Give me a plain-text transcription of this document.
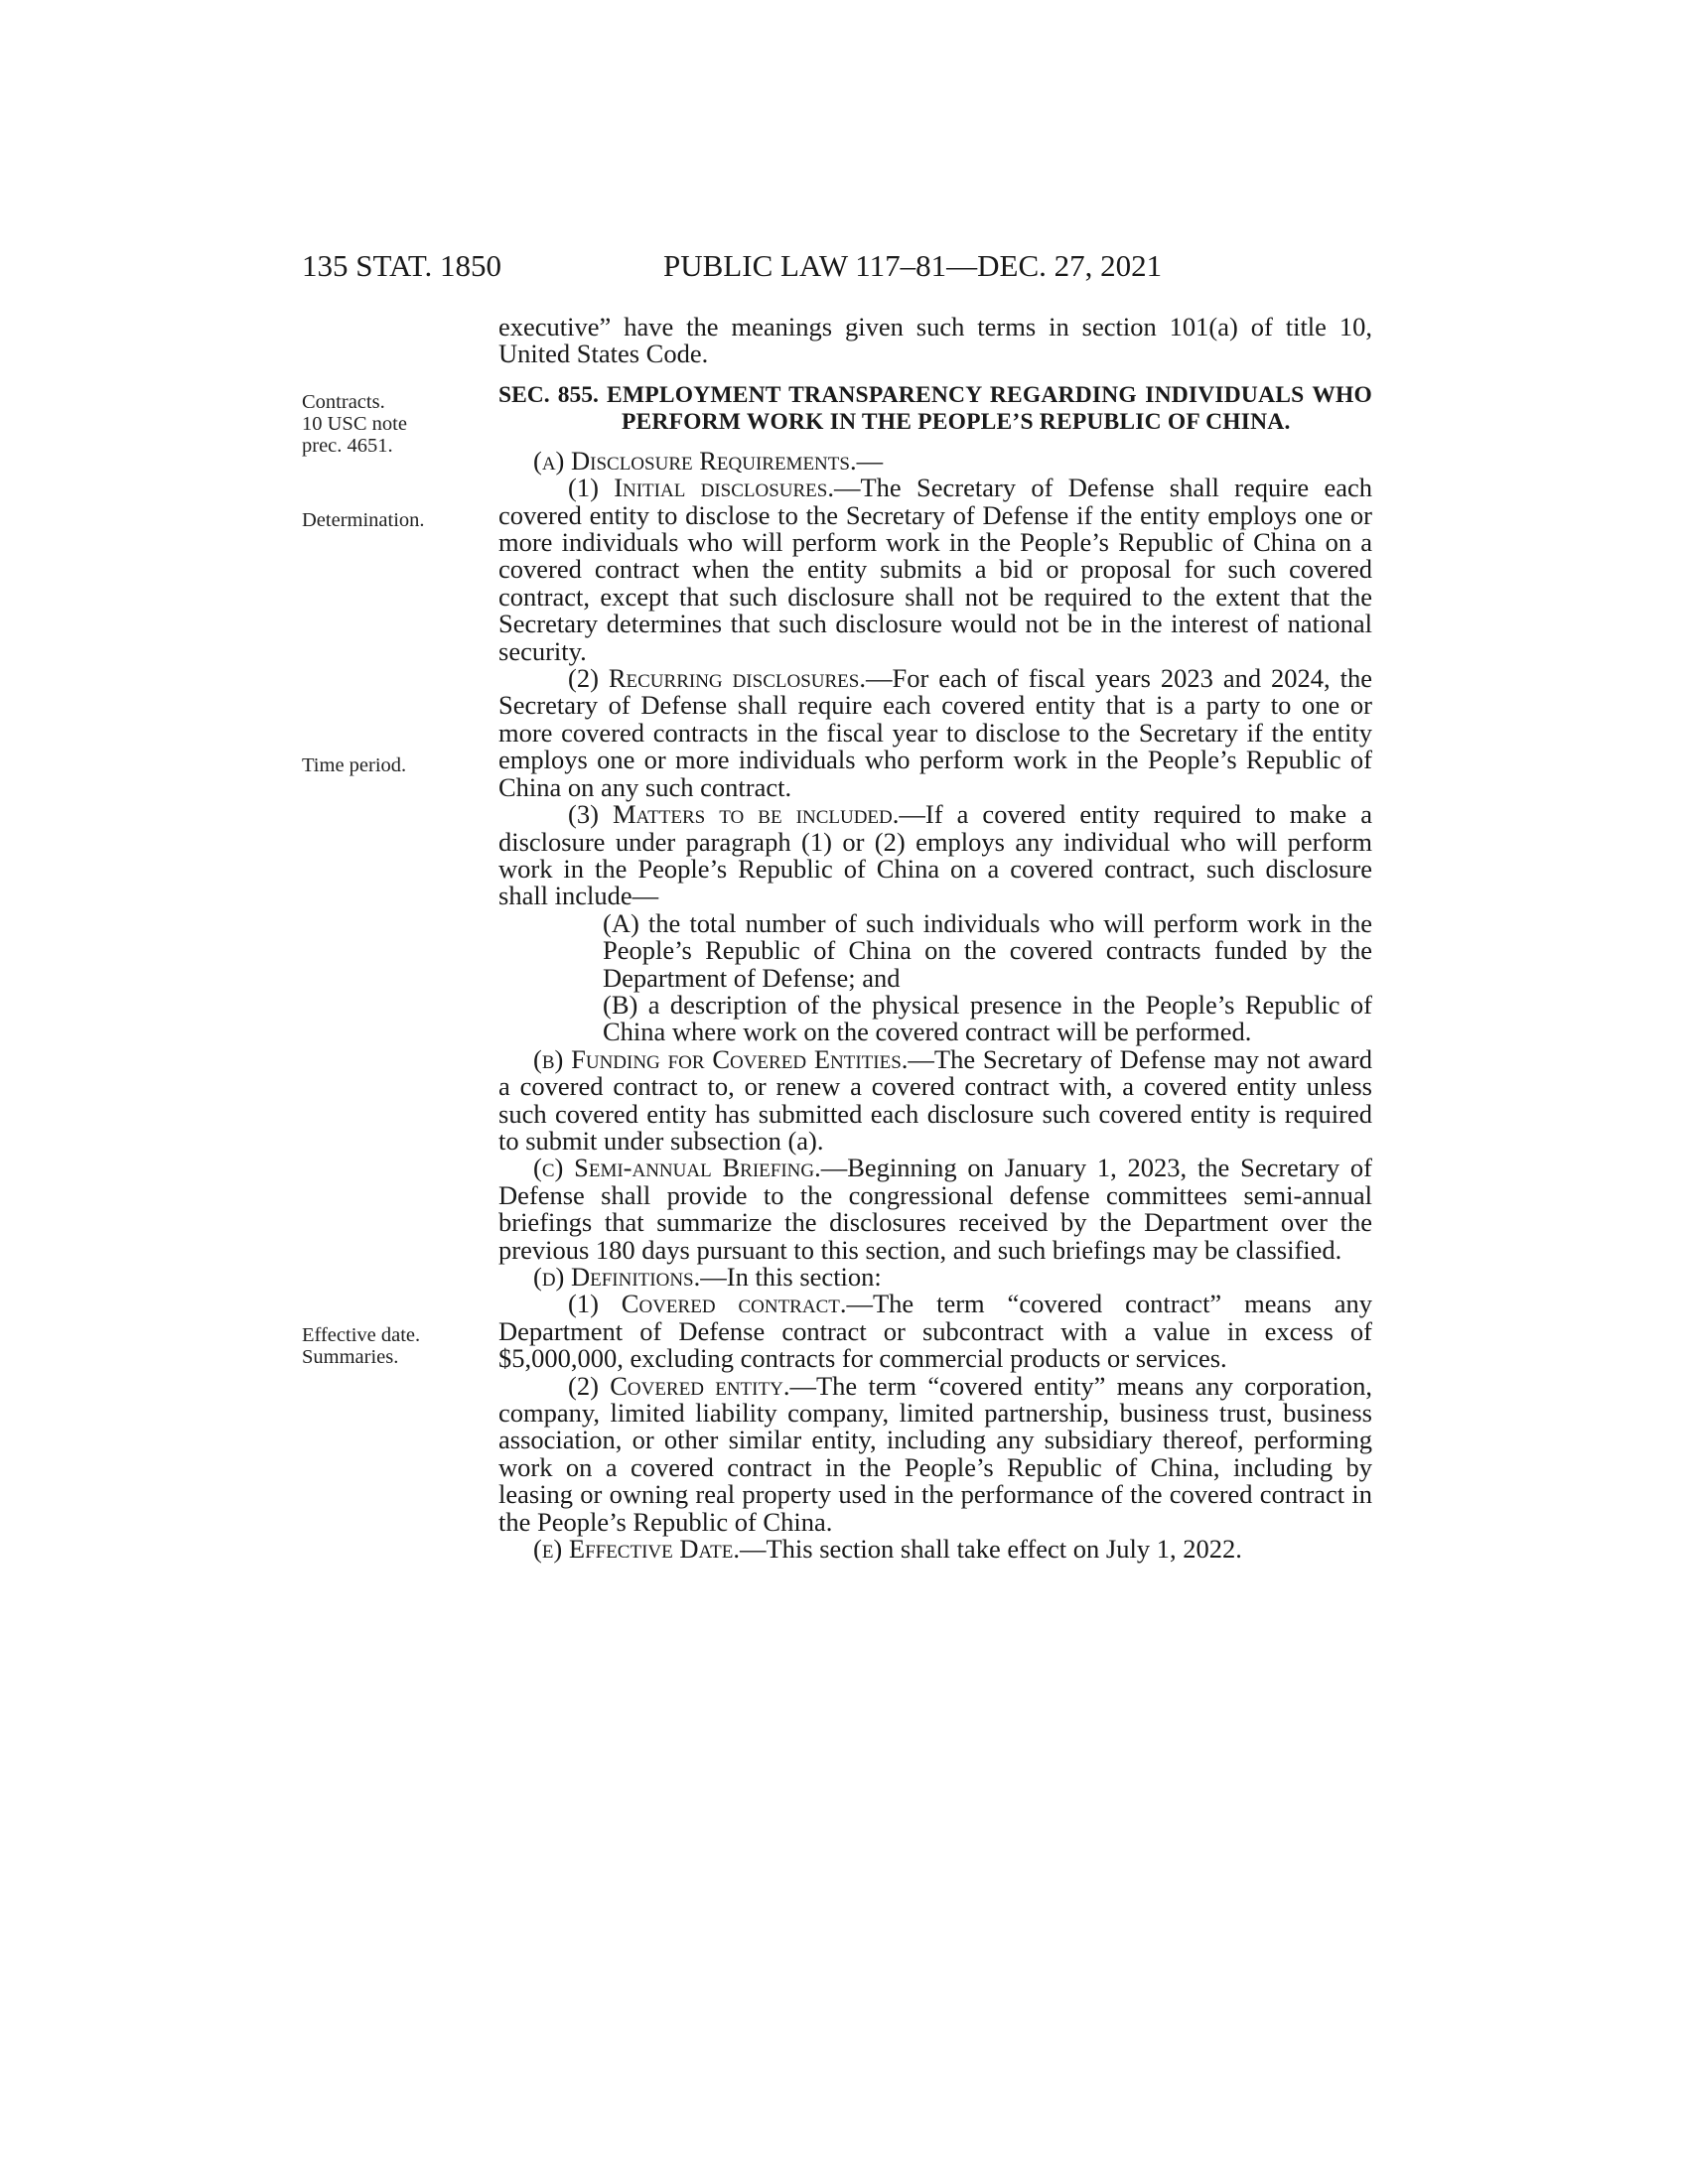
135 STAT. 1850	PUBLIC LAW 117–81—DEC. 27, 2021
Contracts.
10 USC note
prec. 4651.
Determination.
Time period.
Effective date.
Summaries.

executive” have the meanings given such terms in section 101(a) of title 10, United States Code.

SEC. 855. EMPLOYMENT TRANSPARENCY REGARDING INDIVIDUALS WHO PERFORM WORK IN THE PEOPLE’S REPUBLIC OF CHINA.

(a) Disclosure Requirements.—

(1) Initial disclosures.—The Secretary of Defense shall require each covered entity to disclose to the Secretary of Defense if the entity employs one or more individuals who will perform work in the People’s Republic of China on a covered contract when the entity submits a bid or proposal for such covered contract, except that such disclosure shall not be required to the extent that the Secretary determines that such disclosure would not be in the interest of national security.

(2) Recurring disclosures.—For each of fiscal years 2023 and 2024, the Secretary of Defense shall require each covered entity that is a party to one or more covered contracts in the fiscal year to disclose to the Secretary if the entity employs one or more individuals who perform work in the People’s Republic of China on any such contract.

(3) Matters to be included.—If a covered entity required to make a disclosure under paragraph (1) or (2) employs any individual who will perform work in the People’s Republic of China on a covered contract, such disclosure shall include—

(A) the total number of such individuals who will perform work in the People’s Republic of China on the covered contracts funded by the Department of Defense; and

(B) a description of the physical presence in the People’s Republic of China where work on the covered contract will be performed.

(b) Funding for Covered Entities.—The Secretary of Defense may not award a covered contract to, or renew a covered contract with, a covered entity unless such covered entity has submitted each disclosure such covered entity is required to submit under subsection (a).

(c) Semi-annual Briefing.—Beginning on January 1, 2023, the Secretary of Defense shall provide to the congressional defense committees semi-annual briefings that summarize the disclosures received by the Department over the previous 180 days pursuant to this section, and such briefings may be classified.

(d) Definitions.—In this section:

(1) Covered contract.—The term “covered contract” means any Department of Defense contract or subcontract with a value in excess of $5,000,000, excluding contracts for commercial products or services.

(2) Covered entity.—The term “covered entity” means any corporation, company, limited liability company, limited partnership, business trust, business association, or other similar entity, including any subsidiary thereof, performing work on a covered contract in the People’s Republic of China, including by leasing or owning real property used in the performance of the covered contract in the People’s Republic of China.

(e) Effective Date.—This section shall take effect on July 1, 2022.
